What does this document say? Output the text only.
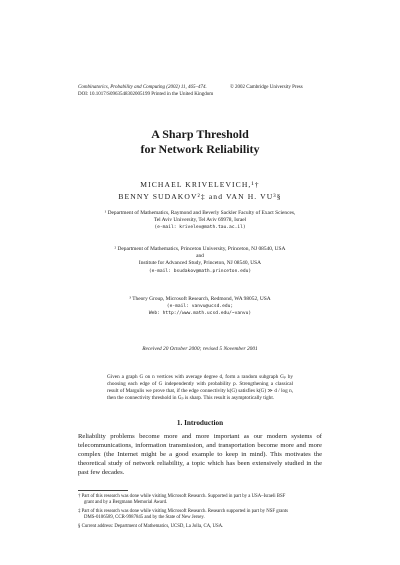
Combinatorics, Probability and Computing (2002) 11, 465–474.	© 2002 Cambridge University Press
DOI: 10.1017/S0963548302005199 Printed in the United Kingdom
A Sharp Threshold
for Network Reliability
MICHAEL KRIVELEVICH,¹†
BENNY SUDAKOV²‡ and VAN H. VU³§
¹ Department of Mathematics, Raymond and Beverly Sackler Faculty of Exact Sciences,
Tel Aviv University, Tel Aviv 69978, Israel
(e-mail: krivelev@math.tau.ac.il)
² Department of Mathematics, Princeton University, Princeton, NJ 08540, USA
and
Institute for Advanced Study, Princeton, NJ 08540, USA
(e-mail: bsudakov@math.princeton.edu)
³ Theory Group, Microsoft Research, Redmond, WA 98052, USA
(e-mail: vanvu@ucsd.edu;
Web: http://www.math.ucsd.edu/~vanvu)
Received 20 October 2000; revised 5 November 2001
Given a graph G on n vertices with average degree d, form a random subgraph Gₚ by choosing each edge of G independently with probability p. Strengthening a classical result of Margulis we prove that, if the edge connectivity k(G) satisfies k(G) ≫ d / log n, then the connectivity threshold in Gₚ is sharp. This result is asymptotically tight.
1. Introduction
Reliability problems become more and more important as our modern systems of telecommunications, information transmission, and transportation become more and more complex (the Internet might be a good example to keep in mind). This motivates the theoretical study of network reliability, a topic which has been extensively studied in the past few decades.
† Part of this research was done while visiting Microsoft Research. Supported in part by a USA–Israeli BSF
grant and by a Bergmann Memorial Award.
‡ Part of this research was done while visiting Microsoft Research. Research supported in part by NSF grants
DMS-0106589, CCR-9987845 and by the State of New Jersey.
§ Current address: Department of Mathematics, UCSD, La Jolla, CA, USA.
